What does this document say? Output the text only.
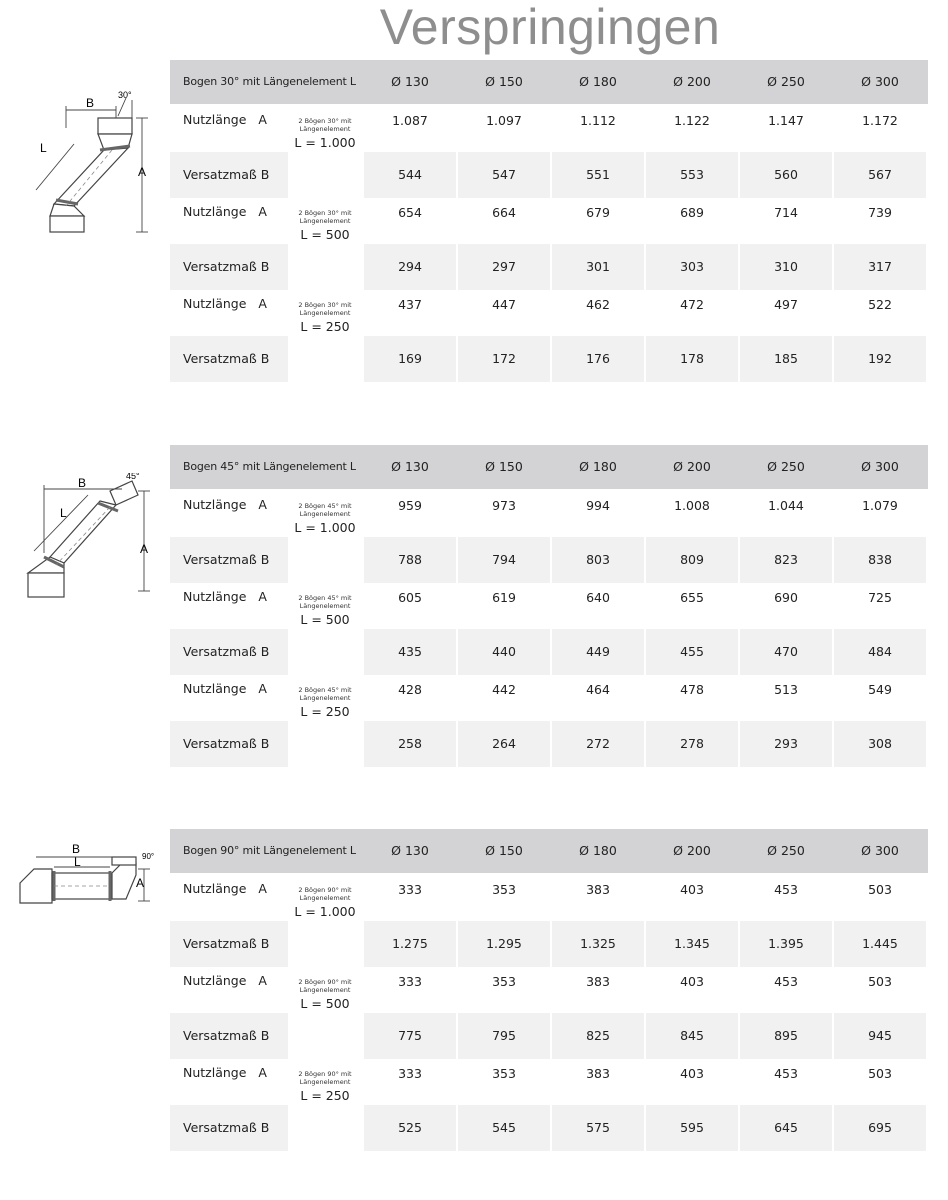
Verspringingen
30°
B
L
A
Bogen 30° mit Längenelement L	Ø 130	Ø 150	Ø 180	Ø 200	Ø 250	Ø 300
Nutzlänge A	1.087	1.097	1.112	1.122	1.147	1.172
Versatzmaß B	544	547	551	553	560	567
2 Bögen 30° mit Längenelement
L = 1.000
Nutzlänge A	654	664	679	689	714	739
Versatzmaß B	294	297	301	303	310	317
2 Bögen 30° mit Längenelement
L = 500
Nutzlänge A	437	447	462	472	497	522
Versatzmaß B	169	172	176	178	185	192
2 Bögen 30° mit Längenelement
L = 250
45°
B
L
A
Bogen 45° mit Längenelement L	Ø 130	Ø 150	Ø 180	Ø 200	Ø 250	Ø 300
Nutzlänge A	959	973	994	1.008	1.044	1.079
Versatzmaß B	788	794	803	809	823	838
2 Bögen 45° mit Längenelement
L = 1.000
Nutzlänge A	605	619	640	655	690	725
Versatzmaß B	435	440	449	455	470	484
2 Bögen 45° mit Längenelement
L = 500
Nutzlänge A	428	442	464	478	513	549
Versatzmaß B	258	264	272	278	293	308
2 Bögen 45° mit Längenelement
L = 250
90°
B
L
A
Bogen 90° mit Längenelement L	Ø 130	Ø 150	Ø 180	Ø 200	Ø 250	Ø 300
Nutzlänge A	333	353	383	403	453	503
Versatzmaß B	1.275	1.295	1.325	1.345	1.395	1.445
2 Bögen 90° mit Längenelement
L = 1.000
Nutzlänge A	333	353	383	403	453	503
Versatzmaß B	775	795	825	845	895	945
2 Bögen 90° mit Längenelement
L = 500
Nutzlänge A	333	353	383	403	453	503
Versatzmaß B	525	545	575	595	645	695
2 Bögen 90° mit Längenelement
L = 250
